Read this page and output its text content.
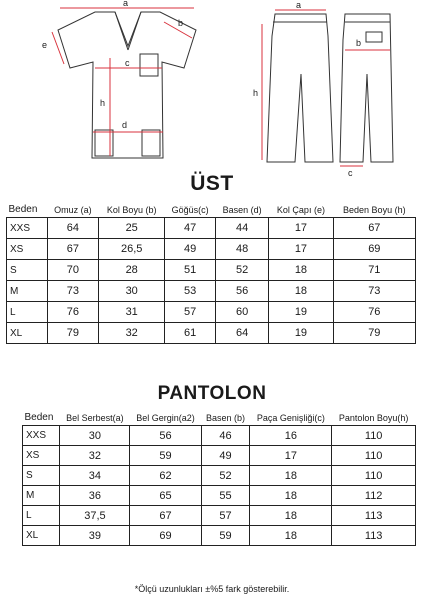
a
b
c
d
e
h
a
b
c
h
ÜST
Beden	Omuz (a)	Kol Boyu (b)	Göğüs(c)	Basen (d)	Kol Çapı (e)	Beden Boyu (h)
XXS	64	25	47	44	17	67
XS	67	26,5	49	48	17	69
S	70	28	51	52	18	71
M	73	30	53	56	18	73
L	76	31	57	60	19	76
XL	79	32	61	64	19	79
PANTOLON
Beden	Bel Serbest(a)	Bel Gergin(a2)	Basen (b)	Paça Genişliği(c)	Pantolon Boyu(h)
XXS	30	56	46	16	110
XS	32	59	49	17	110
S	34	62	52	18	110
M	36	65	55	18	112
L	37,5	67	57	18	113
XL	39	69	59	18	113
*Ölçü uzunlukları ±%5 fark gösterebilir.
